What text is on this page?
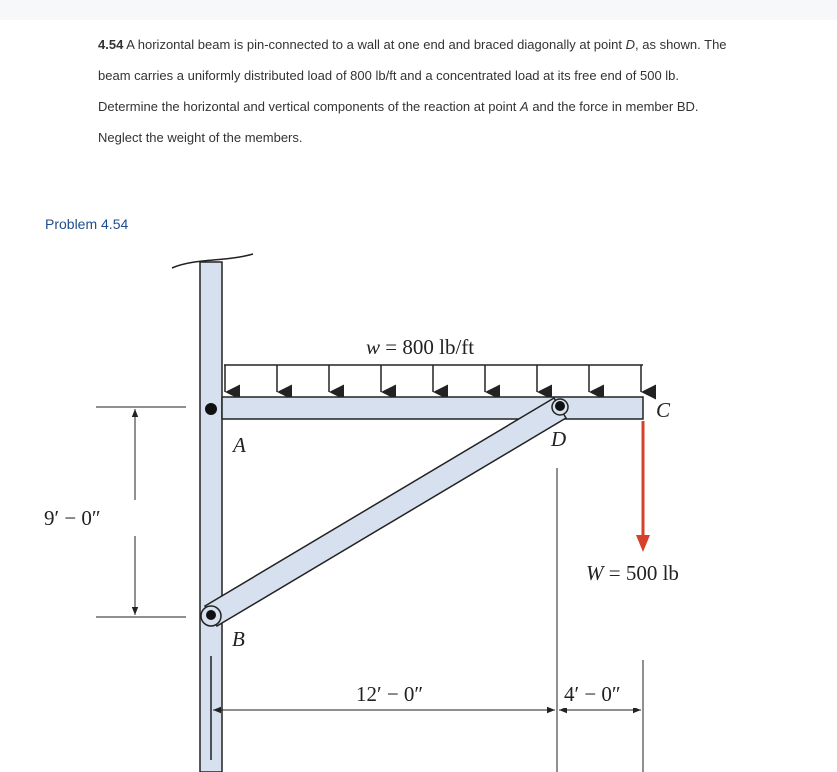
4.54 A horizontal beam is pin-connected to a wall at one end and braced diagonally at point D, as shown. The beam carries a uniformly distributed load of 800 lb/ft and a concentrated load at its free end of 500 lb. Determine the horizontal and vertical components of the reaction at point A and the force in member BD. Neglect the weight of the members.
Problem 4.54
w = 800 lb/ft
A
B
C
D
W = 500 lb
9′ − 0″
12′ − 0″	4′ − 0″
